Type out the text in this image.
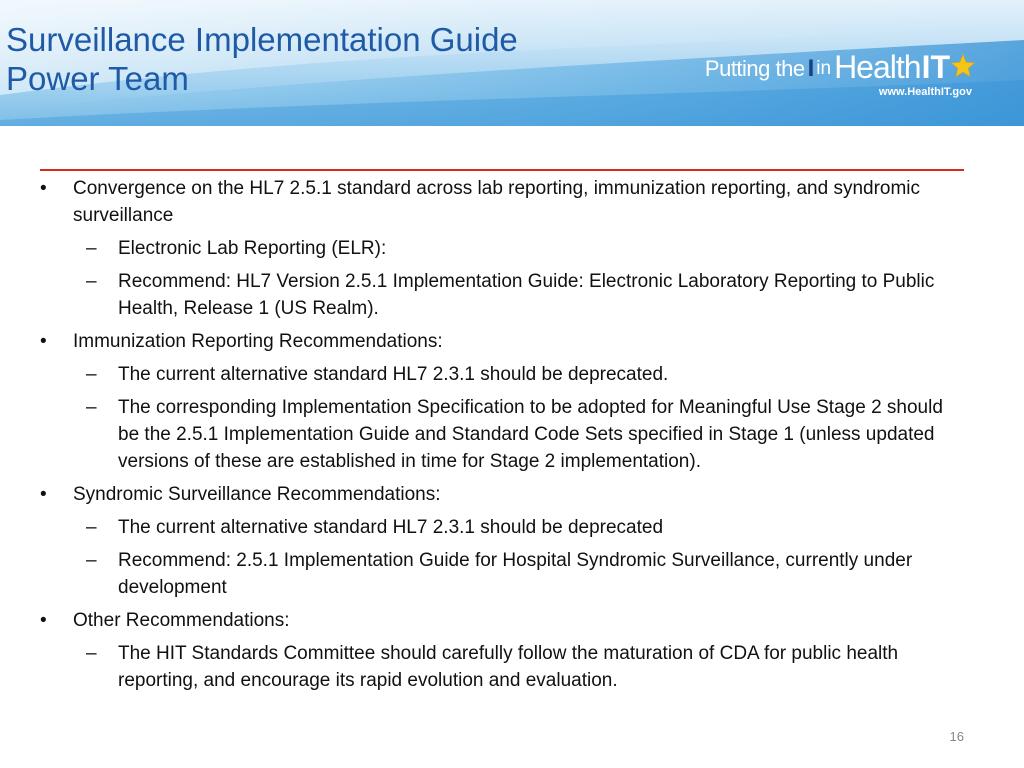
Surveillance Implementation Guide
Power Team	Putting the I in Health IT
www.HealthIT.gov

• Convergence on the HL7 2.5.1 standard across lab reporting, immunization reporting, and syndromic surveillance

– Electronic Lab Reporting (ELR):

– Recommend: HL7 Version 2.5.1 Implementation Guide: Electronic Laboratory Reporting to Public Health, Release 1 (US Realm).

• Immunization Reporting Recommendations:

– The current alternative standard HL7 2.3.1 should be deprecated.

– The corresponding Implementation Specification to be adopted for Meaningful Use Stage 2 should be the 2.5.1 Implementation Guide and Standard Code Sets specified in Stage 1 (unless updated versions of these are established in time for Stage 2 implementation).

• Syndromic Surveillance Recommendations:

– The current alternative standard HL7 2.3.1 should be deprecated

– Recommend: 2.5.1 Implementation Guide for Hospital Syndromic Surveillance, currently under development

• Other Recommendations:

– The HIT Standards Committee should carefully follow the maturation of CDA for public health reporting, and encourage its rapid evolution and evaluation.

16
